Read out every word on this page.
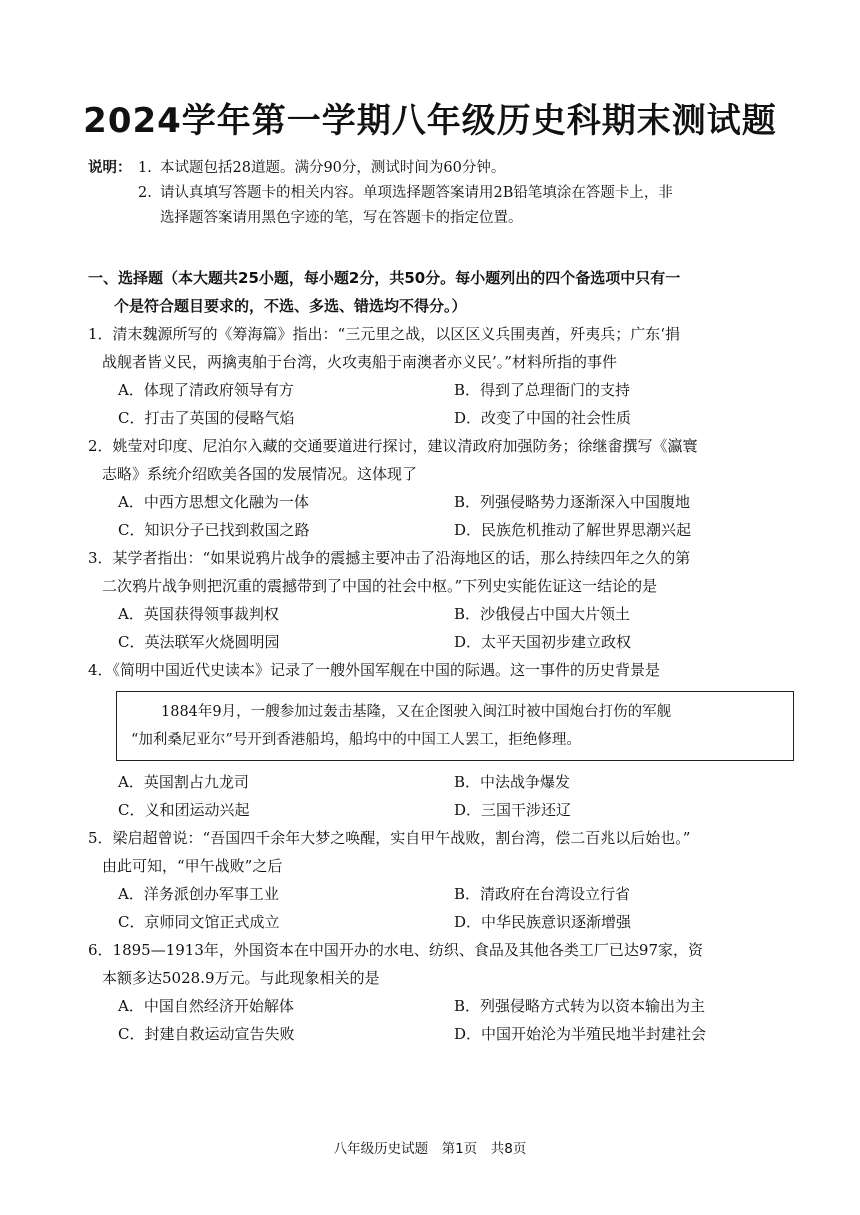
2024学年第一学期八年级历史科期末测试题
说明： 1. 本试题包括28道题。满分90分，测试时间为60分钟。
2. 请认真填写答题卡的相关内容。单项选择题答案请用2B铅笔填涂在答题卡上，非
选择题答案请用黑色字迹的笔，写在答题卡的指定位置。
一、选择题（本大题共25小题，每小题2分，共50分。每小题列出的四个备选项中只有一
个是符合题目要求的，不选、多选、错选均不得分。）
1．清末魏源所写的《筹海篇》指出：“三元里之战，以区区义兵围夷酋，歼夷兵；广东‘捐
战舰者皆义民，两擒夷舶于台湾，火攻夷船于南澳者亦义民’。”材料所指的事件
A．体现了清政府领导有方	B．得到了总理衙门的支持
C．打击了英国的侵略气焰	D．改变了中国的社会性质
2．姚莹对印度、尼泊尔入藏的交通要道进行探讨，建议清政府加强防务；徐继畬撰写《瀛寰
志略》系统介绍欧美各国的发展情况。这体现了
A．中西方思想文化融为一体	B．列强侵略势力逐渐深入中国腹地
C．知识分子已找到救国之路	D．民族危机推动了解世界思潮兴起
3．某学者指出：“如果说鸦片战争的震撼主要冲击了沿海地区的话，那么持续四年之久的第
二次鸦片战争则把沉重的震撼带到了中国的社会中枢。”下列史实能佐证这一结论的是
A．英国获得领事裁判权	B．沙俄侵占中国大片领土
C．英法联军火烧圆明园	D．太平天国初步建立政权
4．《简明中国近代史读本》记录了一艘外国军舰在中国的际遇。这一事件的历史背景是
1884年9月，一艘参加过轰击基隆，又在企图驶入闽江时被中国炮台打伤的军舰
“加利桑尼亚尔”号开到香港船坞，船坞中的中国工人罢工，拒绝修理。
A．英国割占九龙司	B．中法战争爆发
C．义和团运动兴起	D．三国干涉还辽
5．梁启超曾说：“吾国四千余年大梦之唤醒，实自甲午战败，割台湾，偿二百兆以后始也。”
由此可知，“甲午战败”之后
A．洋务派创办军事工业	B．清政府在台湾设立行省
C．京师同文馆正式成立	D．中华民族意识逐渐增强
6．1895—1913年，外国资本在中国开办的水电、纺织、食品及其他各类工厂已达97家，资
本额多达5028.9万元。与此现象相关的是
A．中国自然经济开始解体	B．列强侵略方式转为以资本输出为主
C．封建自救运动宣告失败	D．中国开始沦为半殖民地半封建社会
八年级历史试题　第1页　共8页
